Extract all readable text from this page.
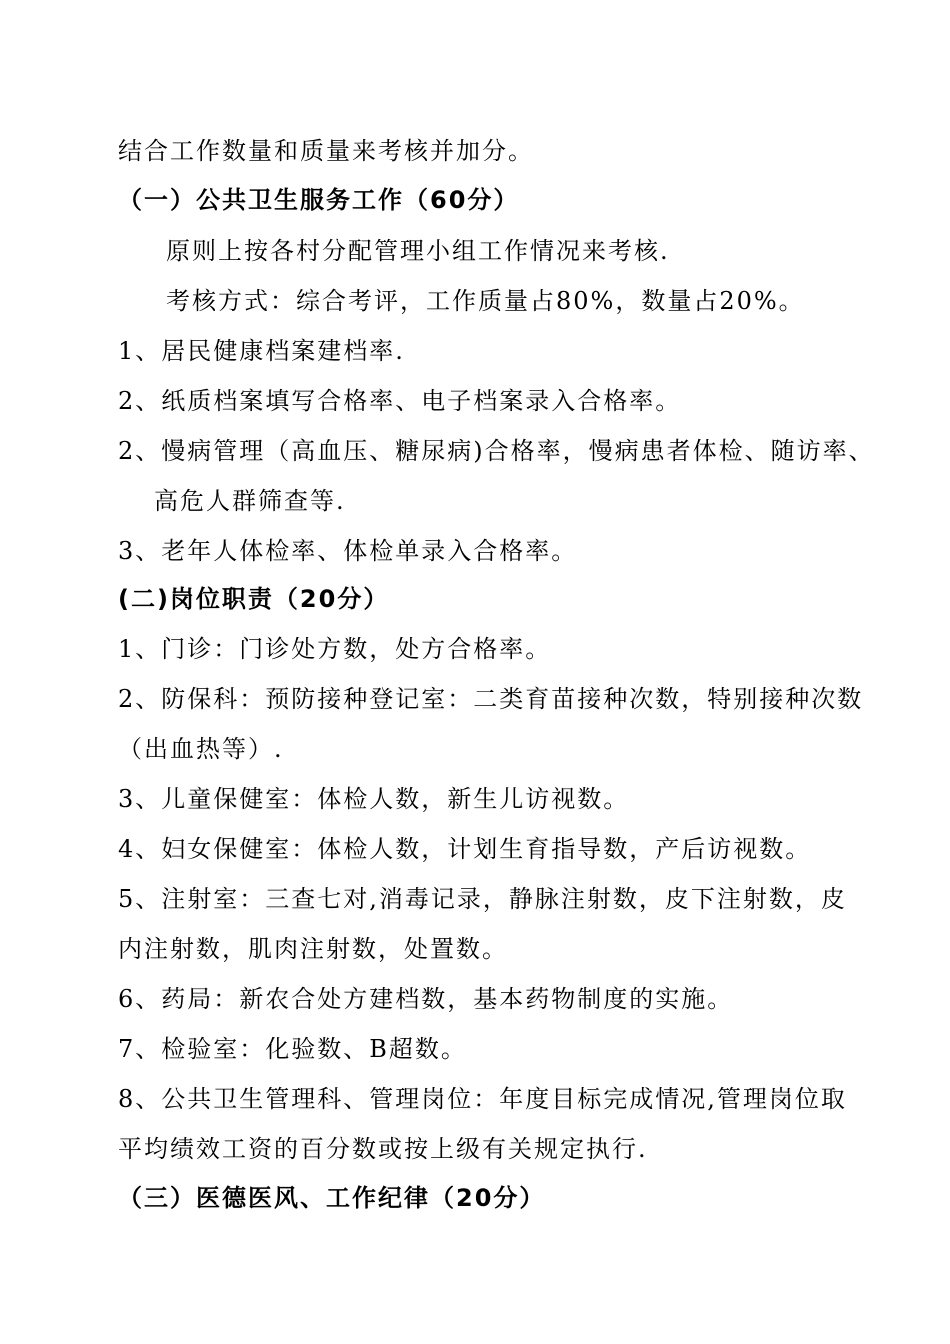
结合工作数量和质量来考核并加分。
（一）公共卫生服务工作（60分）
原则上按各村分配管理小组工作情况来考核.
考核方式：综合考评，工作质量占80%，数量占20%。
1、居民健康档案建档率.
2、纸质档案填写合格率、电子档案录入合格率。
2、慢病管理（高血压、糖尿病)合格率，慢病患者体检、随访率、
高危人群筛查等.
3、老年人体检率、体检单录入合格率。
(二)岗位职责（20分）
1、门诊：门诊处方数，处方合格率。
2、防保科：预防接种登记室：二类育苗接种次数，特别接种次数
（出血热等）.
3、儿童保健室：体检人数，新生儿访视数。
4、妇女保健室：体检人数，计划生育指导数，产后访视数。
5、注射室：三查七对,消毒记录，静脉注射数，皮下注射数，皮
内注射数，肌肉注射数，处置数。
6、药局：新农合处方建档数，基本药物制度的实施。
7、检验室：化验数、B超数。
8、公共卫生管理科、管理岗位：年度目标完成情况,管理岗位取
平均绩效工资的百分数或按上级有关规定执行.
（三）医德医风、工作纪律（20分）
